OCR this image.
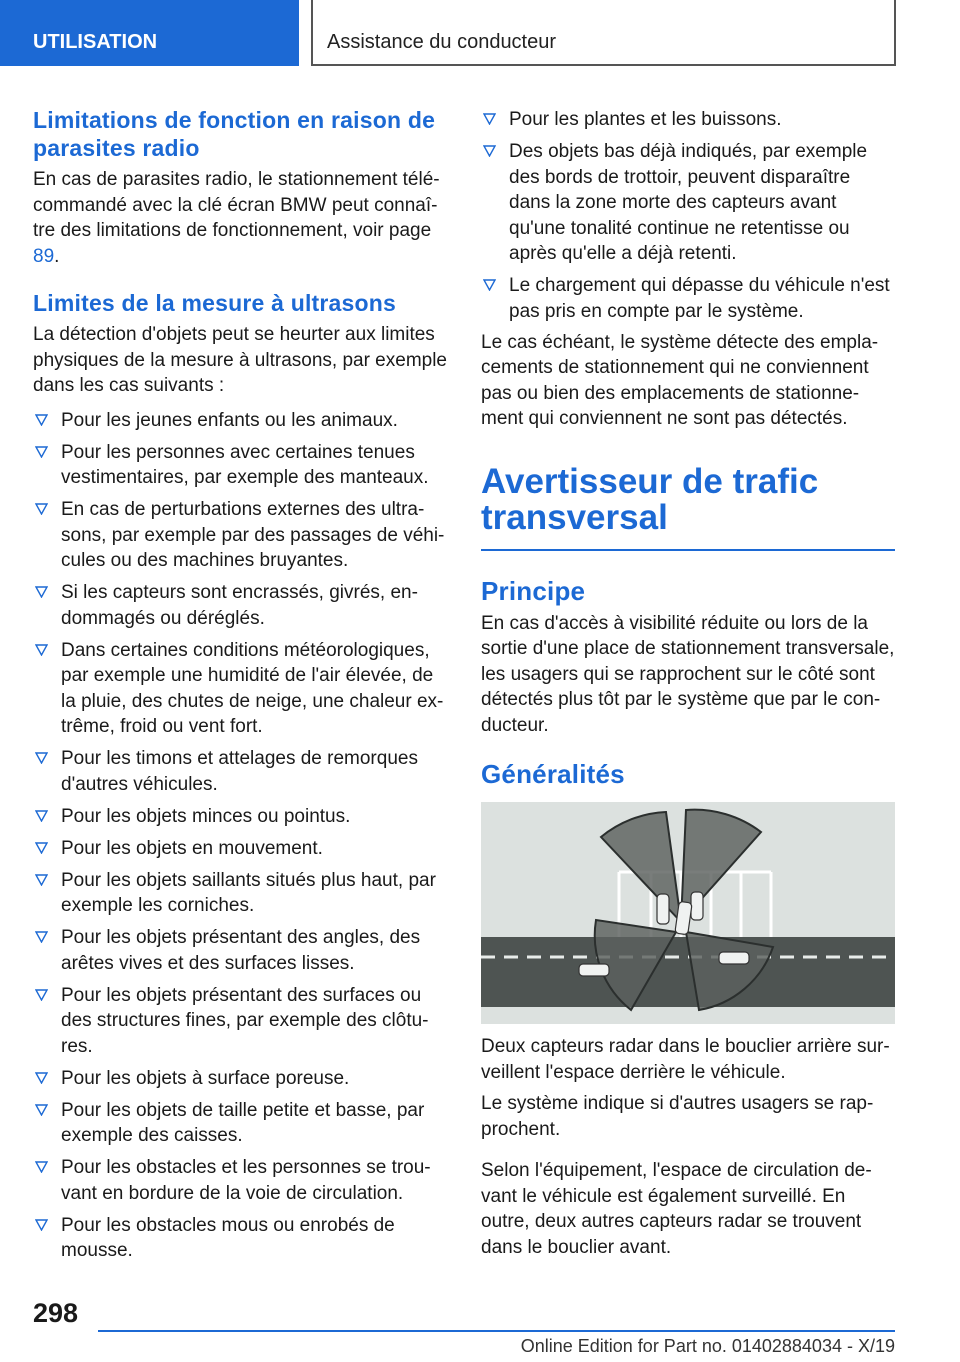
UTILISATION	Assistance du conducteur
Limitations de fonction en raison de parasites radio

En cas de parasites radio, le stationnement télé-commandé avec la clé écran BMW peut connaî-tre des limitations de fonctionnement, voir page 89.

Limites de la mesure à ultrasons

La détection d'objets peut se heurter aux limites physiques de la mesure à ultrasons, par exemple dans les cas suivants :

Pour les jeunes enfants ou les animaux.
Pour les personnes avec certaines tenues vestimentaires, par exemple des manteaux.
En cas de perturbations externes des ultra-sons, par exemple par des passages de véhi-cules ou des machines bruyantes.
Si les capteurs sont encrassés, givrés, en-dommagés ou déréglés.
Dans certaines conditions météorologiques, par exemple une humidité de l'air élevée, de la pluie, des chutes de neige, une chaleur ex-trême, froid ou vent fort.
Pour les timons et attelages de remorques d'autres véhicules.
Pour les objets minces ou pointus.
Pour les objets en mouvement.
Pour les objets saillants situés plus haut, par exemple les corniches.
Pour les objets présentant des angles, des arêtes vives et des surfaces lisses.
Pour les objets présentant des surfaces ou des structures fines, par exemple des clôtu-res.
Pour les objets à surface poreuse.
Pour les objets de taille petite et basse, par exemple des caisses.
Pour les obstacles et les personnes se trou-vant en bordure de la voie de circulation.
Pour les obstacles mous ou enrobés de mousse.
Pour les plantes et les buissons.
Des objets bas déjà indiqués, par exemple des bords de trottoir, peuvent disparaître dans la zone morte des capteurs avant qu'une tonalité continue ne retentisse ou après qu'elle a déjà retenti.
Le chargement qui dépasse du véhicule n'est pas pris en compte par le système.

Le cas échéant, le système détecte des empla-cements de stationnement qui ne conviennent pas ou bien des emplacements de stationne-ment qui conviennent ne sont pas détectés.

Avertisseur de trafic transversal
Principe

En cas d'accès à visibilité réduite ou lors de la sortie d'une place de stationnement transversale, les usagers qui se rapprochent sur le côté sont détectés plus tôt par le système que par le con-ducteur.

Généralités

Deux capteurs radar dans le bouclier arrière sur-veillent l'espace derrière le véhicule.

Le système indique si d'autres usagers se rap-prochent.

Selon l'équipement, l'espace de circulation de-vant le véhicule est également surveillé. En outre, deux autres capteurs radar se trouvent dans le bouclier avant.

298
Online Edition for Part no. 01402884034 - X/19
